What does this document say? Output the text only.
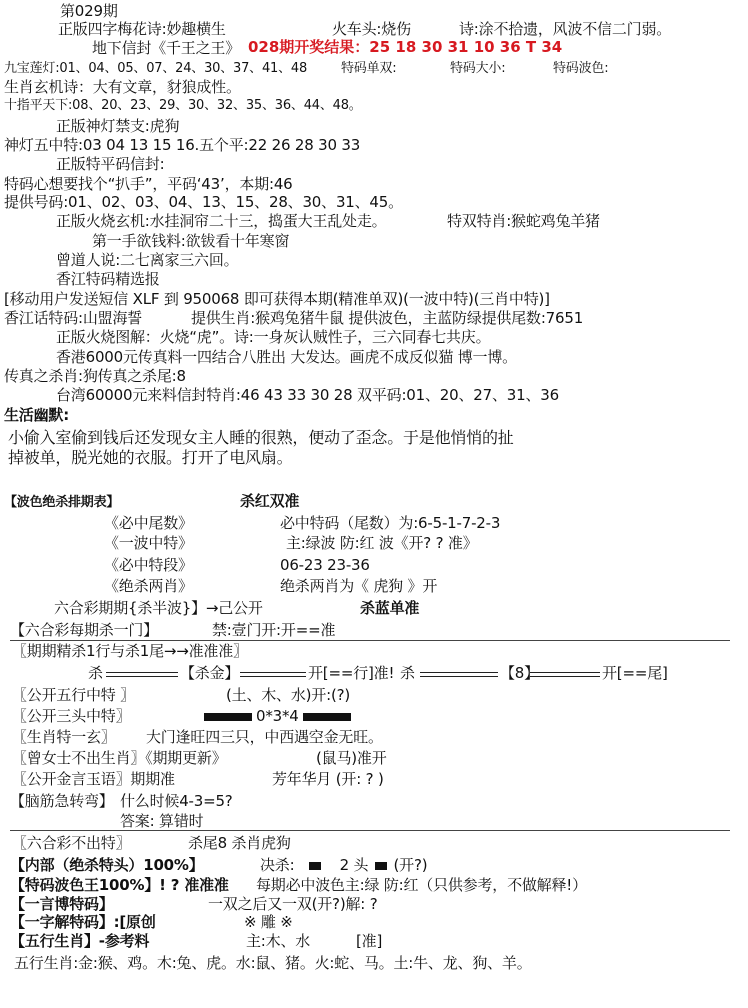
第029期
正版四字梅花诗:妙趣横生	火车头:烧伤	诗:涂不拾遗，风波不信二门弱。
地下信封《千王之王》 028期开奖结果：25 18 30 31 10 36 T 34
九宝莲灯:01、04、05、07、24、30、37、41、48	特码单双:	特码大小:	特码波色:
生肖玄机诗：大有文章，豺狼成性。
十指平天下:08、20、23、29、30、32、35、36、44、48。
正版神灯禁支:虎狗
神灯五中特:03 04 13 15 16.五个平:22 26 28 30 33
正版特平码信封:
特码心想要找个“扒手”，平码‘43’，本期:46
提供号码:01、02、03、04、13、15、28、30、31、45。
正版火烧玄机:水挂洞帘二十三，捣蛋大王乱处走。	特双特肖:猴蛇鸡兔羊猪
第一手欲钱料:欲钹看十年寒窗
曾道人说:二七离家三六回。
香江特码精选报
[移动用户发送短信 XLF 到 950068 即可获得本期(精准单双)(一波中特)(三肖中特)]
香江话特码:山盟海誓	提供生肖:猴鸡兔猪牛鼠 提供波色，主蓝防绿提供尾数:7651
正版火烧图解：火烧“虎”。诗:一身灰认贼性子，三六同春七共庆。
香港6000元传真料一四结合八胜出 大发达。画虎不成反似猫 博一博。
传真之杀肖:狗传真之杀尾:8
台湾60000元来料信封特肖:46 43 33 30 28 双平码:01、20、27、31、36
生活幽默:
小偷入室偷到钱后还发现女主人睡的很熟，便动了歪念。于是他悄悄的扯
掉被单，脱光她的衣服。打开了电风扇。
【波色绝杀排期表】	杀红双准
《必中尾数》	必中特码（尾数）为:6-5-1-7-2-3
《一波中特》	主:绿波 防:红 波《开? ? 准》
《必中特段》	06-23 23-36
《绝杀两肖》	绝杀两肖为《 虎狗 》开
六合彩期期{杀半波}】→己公开	杀蓝单准
【六合彩每期杀一门】	禁:壹门开:开==准
〖期期精杀1行与杀1尾→→准准准〗
杀	【杀金】	开[==行]准! 杀	【8】	开[==尾]
〖公开五行中特 〗	(土、木、水)开:(?)
〖公开三头中特〗	0*3*4
〖生肖特一玄〗 大门逢旺四三只，中西遇空金无旺。
〖曾女士不出生肖〗《期期更新》	(鼠马)准开
〖公开金言玉语〗期期准	芳年华月 (开: ? )
【脑筋急转弯】 什么时候4-3=5?
答案: 算错时
〖六合彩不出特〗	杀尾8 杀肖虎狗
【内部（绝杀特头）100%】	决杀:	2 头 (开?)
【特码波色王100%】! ? 准准准 每期必中波色主:绿 防:红（只供参考，不做解释!）
【一言博特码】	一双之后又一双(开?)解: ?
【一字解特码】:[原创	※ 雕 ※
【五行生肖】-参考料	主:木、水	[准]
五行生肖:金:猴、鸡。木:兔、虎。水:鼠、猪。火:蛇、马。土:牛、龙、狗、羊。
